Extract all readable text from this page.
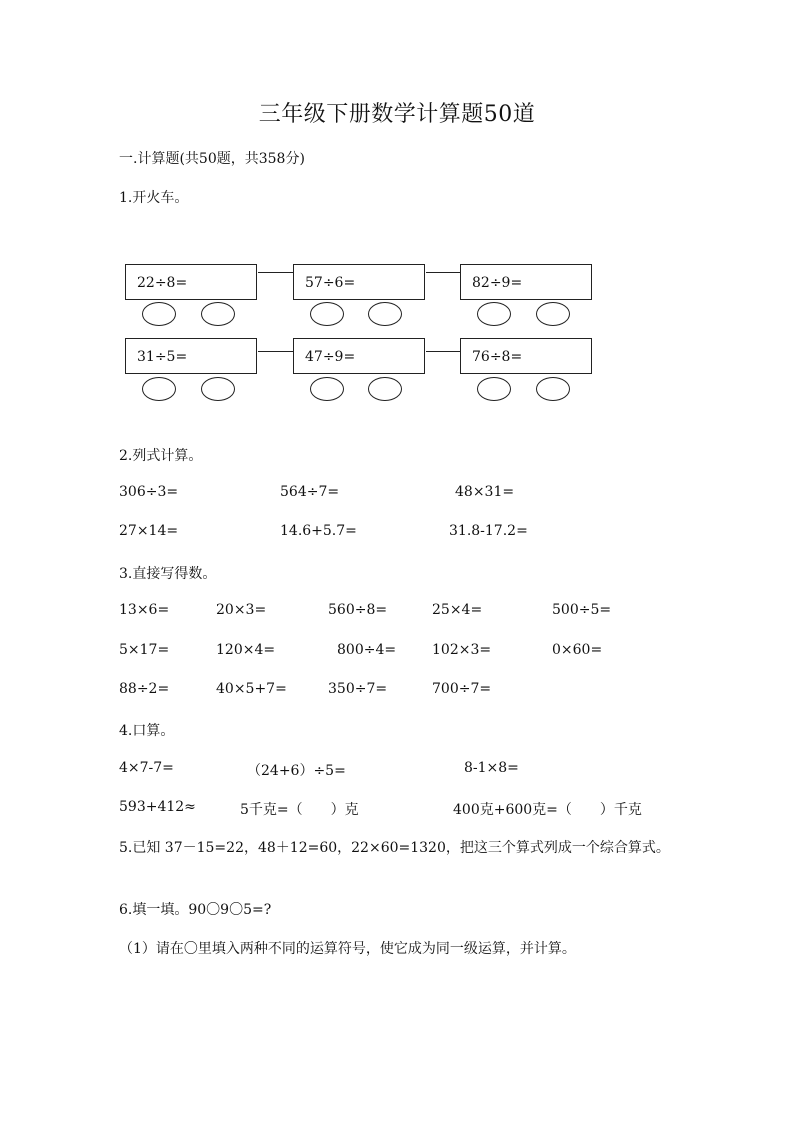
三年级下册数学计算题50道
一.计算题(共50题，共358分)
1.开火车。
22÷8=	57÷6=	82÷9=
31÷5=	47÷9=	76÷8=
2.列式计算。
306÷3=	564÷7=	48×31=
27×14=	14.6+5.7=	31.8-17.2=
3.直接写得数。
13×6=	20×3=	560÷8=	25×4=	500÷5=
5×17=	120×4=	800÷4=	102×3=	0×60=
88÷2=	40×5+7=	350÷7=	700÷7=
4.口算。
4×7-7=	（24+6）÷5=	8-1×8=
593+412≈	5千克=（　　）克	400克+600克=（　　）千克
5.已知 37－15=22，48＋12=60，22×60=1320，把这三个算式列成一个综合算式。
6.填一填。90〇9〇5=?
（1）请在〇里填入两种不同的运算符号，使它成为同一级运算，并计算。
